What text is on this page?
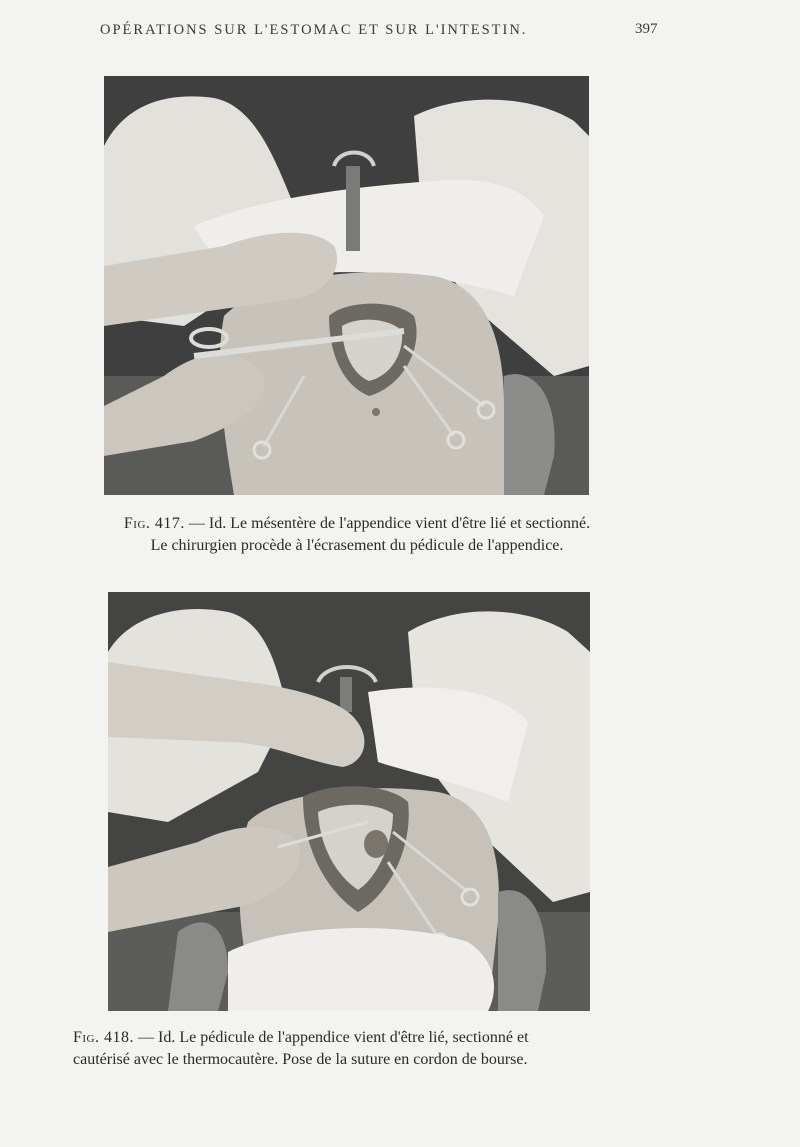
OPÉRATIONS SUR L'ESTOMAC ET SUR L'INTESTIN.	397
Fig. 417. — Id. Le mésentère de l'appendice vient d'être lié et sectionné.
Le chirurgien procède à l'écrasement du pédicule de l'appendice.
Fig. 418. — Id. Le pédicule de l'appendice vient d'être lié, sectionné et
cautérisé avec le thermocautère. Pose de la suture en cordon de bourse.
